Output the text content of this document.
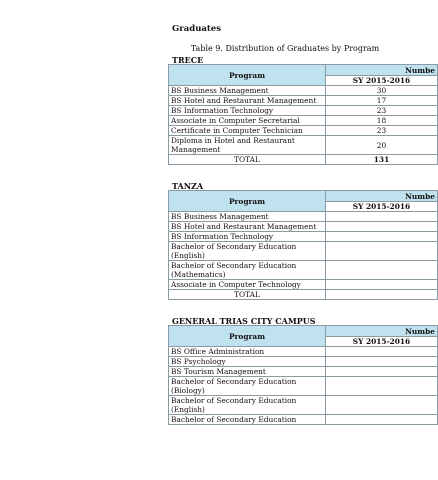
Graduates
Table 9. Distribution of Graduates by Program
TRECE
Program	Numbe
	SY 2015-2016
BS Business Management	30
BS Hotel and Restaurant Management	17
BS Information Technology	23
Associate in Computer Secretarial	18
Certificate in Computer Technician	23
Diploma in Hotel and Restaurant Management	20
TOTAL	131
TANZA
Program	Numbe
	SY 2015-2016
BS Business Management	
BS Hotel and Restaurant Management	
BS Information Technology	
Bachelor of Secondary Education (English)	
Bachelor of Secondary Education (Mathematics)	
Associate in Computer Technology	
TOTAL	
GENERAL TRIAS CITY CAMPUS
Program	Numbe
	SY 2015-2016
BS Office Administration	
BS Psychology	
BS Tourism Management	
Bachelor of Secondary Education (Biology)	
Bachelor of Secondary Education (English)	
Bachelor of Secondary Education	
